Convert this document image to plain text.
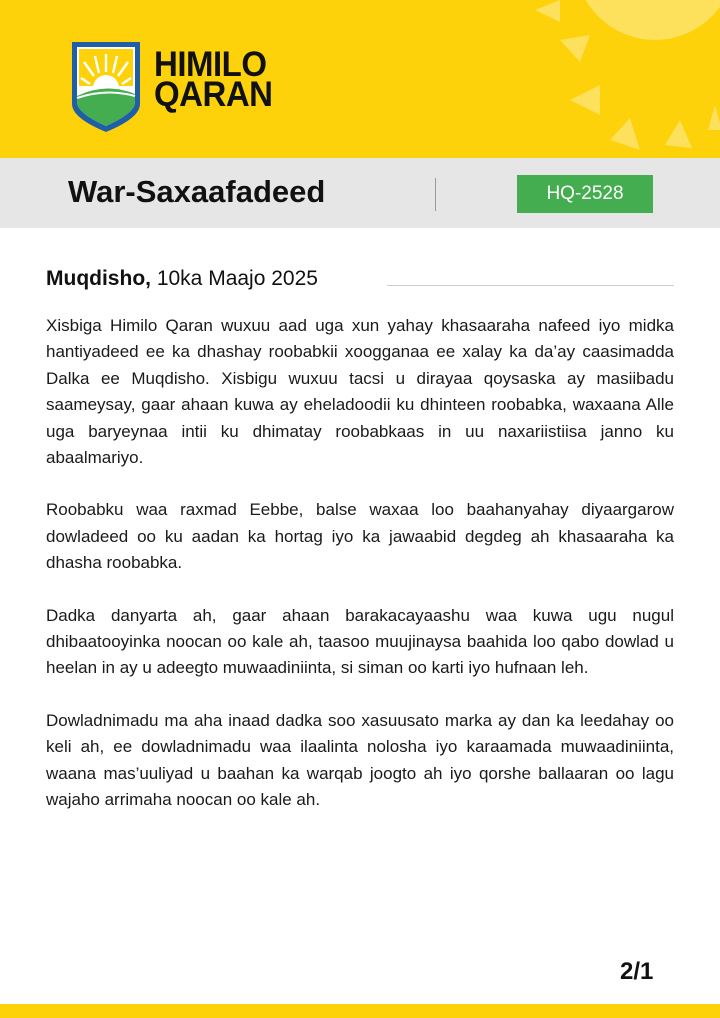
HIMILO
QARAN
War-Saxaafadeed	HQ-2528
Muqdisho, 10ka Maajo 2025

Xisbiga Himilo Qaran wuxuu aad uga xun yahay khasaaraha nafeed iyo midka hantiyadeed ee ka dhashay roobabkii xoogganaa ee xalay ka da’ay caasimadda Dalka ee Muqdisho. Xisbigu wuxuu tacsi u dirayaa qoysaska ay masiibadu saameysay, gaar ahaan kuwa ay eheladoodii ku dhinteen roobabka, waxaana Alle uga baryeynaa intii ku dhimatay roobabkaas in uu naxariistiisa janno ku abaalmariyo.

Roobabku waa raxmad Eebbe, balse waxaa loo baahanyahay diyaargarow dowladeed oo ku aadan ka hortag iyo ka jawaabid degdeg ah khasaaraha ka dhasha roobabka.

Dadka danyarta ah, gaar ahaan barakacayaashu waa kuwa ugu nugul dhibaatooyinka noocan oo kale ah, taasoo muujinaysa baahida loo qabo dowlad u heelan in ay u adeegto muwaadiniinta, si siman oo karti iyo hufnaan leh.

Dowladnimadu ma aha inaad dadka soo xasuusato marka ay dan ka leedahay oo keli ah, ee dowladnimadu waa ilaalinta nolosha iyo karaamada muwaadiniinta, waana mas’uuliyad u baahan ka warqab joogto ah iyo qorshe ballaaran oo lagu wajaho arrimaha noocan oo kale ah.

2/1
